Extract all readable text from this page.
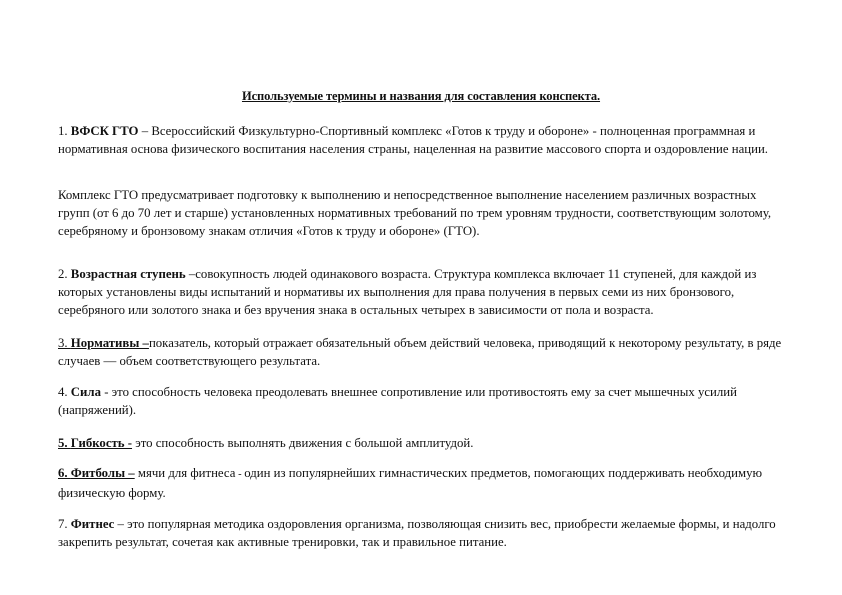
Используемые термины и названия для составления конспекта.

1. ВФСК ГТО – Всероссийский Физкультурно-Спортивный комплекс «Готов к труду и обороне» - полноценная программная и нормативная основа физического воспитания населения страны, нацеленная на развитие массового спорта и оздоровление нации.

Комплекс ГТО предусматривает подготовку к выполнению и непосредственное выполнение населением различных возрастных групп (от 6 до 70 лет и старше) установленных нормативных требований по трем уровням трудности, соответствующим золотому, серебряному и бронзовому знакам отличия «Готов к труду и обороне» (ГТО).

2. Возрастная ступень –совокупность людей одинакового возраста. Структура комплекса включает 11 ступеней, для каждой из которых установлены виды испытаний и нормативы их выполнения для права получения в первых семи из них бронзового, серебряного или золотого знака и без вручения знака в остальных четырех в зависимости от пола и возраста.

3. Нормативы –показатель, который отражает обязательный объем действий человека, приводящий к некоторому результату, в ряде случаев — объем соответствующего результата.

4. Сила - это способность человека преодолевать внешнее сопротивление или противостоять ему за счет мышечных усилий (напряжений).

5. Гибкость - это способность выполнять движения с большой амплитудой.

6. Фитболы – мячи для фитнеса - один из популярнейших гимнастических предметов, помогающих поддерживать необходимую физическую форму.

7. Фитнес – это популярная методика оздоровления организма, позволяющая снизить вес, приобрести желаемые формы, и надолго закрепить результат, сочетая как активные тренировки, так и правильное питание.
